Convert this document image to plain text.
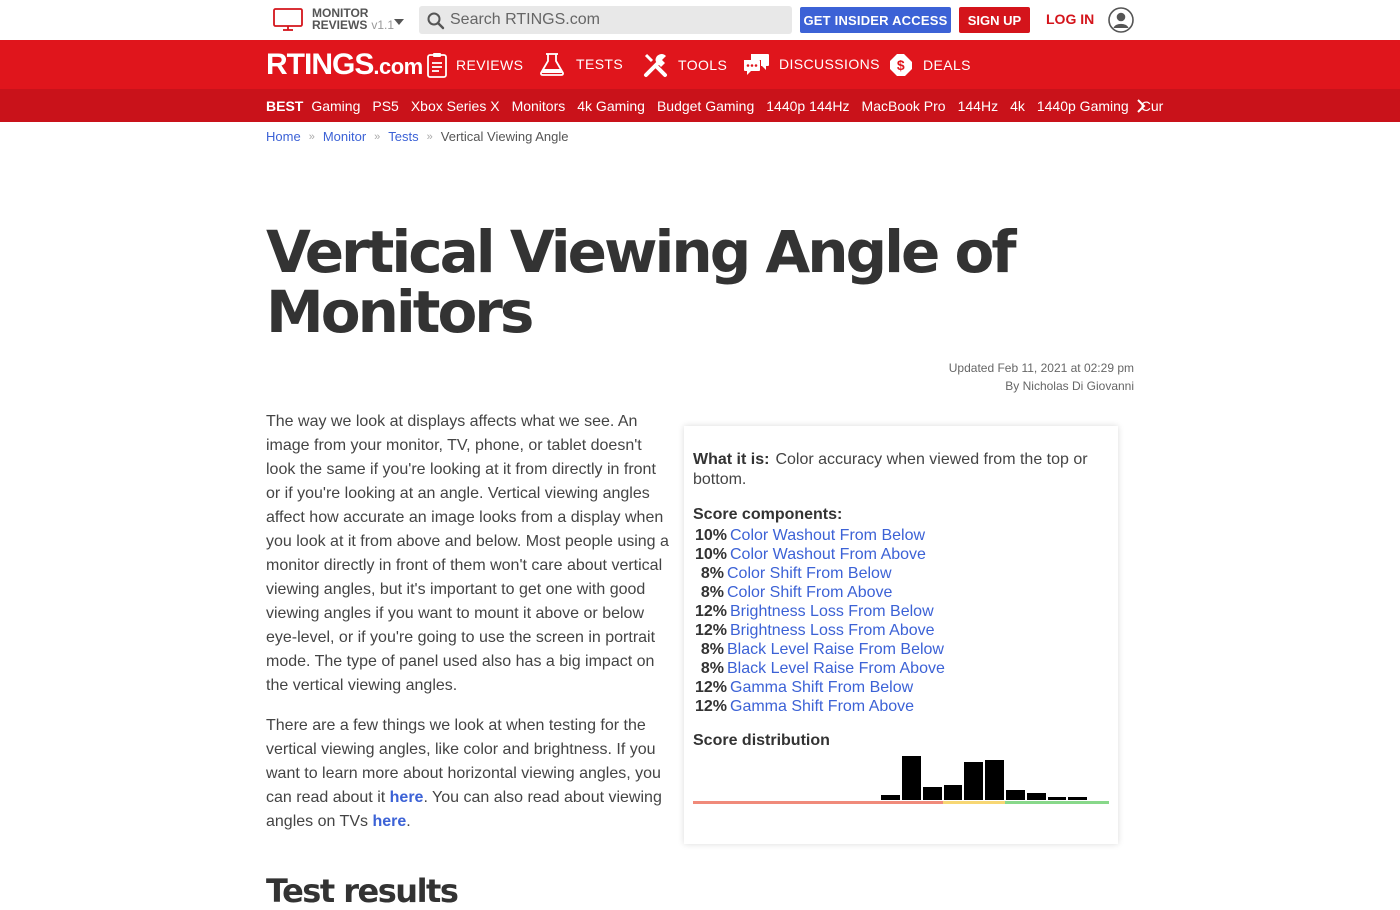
MONITOR
REVIEWS v1.1
Search RTINGS.com	GET INSIDER ACCESS	SIGN UP	LOG IN
RTINGS.com REVIEWS	TESTS	TOOLS	DISCUSSIONS $ DEALS
BEST Gaming PS5 Xbox Series X Monitors 4k Gaming Budget Gaming 1440p 144Hz MacBook Pro 144Hz 4k 1440p Gaming Cur
Home » Monitor » Tests » Vertical Viewing Angle
Vertical Viewing Angle of Monitors
Updated Feb 11, 2021 at 02:29 pm
By Nicholas Di Giovanni

The way we look at displays affects what we see. An image from your monitor, TV, phone, or tablet doesn't look the same if you're looking at it from directly in front or if you're looking at an angle. Vertical viewing angles affect how accurate an image looks from a display when you look at it from above and below. Most people using a monitor directly in front of them won't care about vertical viewing angles, but it's important to get one with good viewing angles if you want to mount it above or below eye-level, or if you're going to use the screen in portrait mode. The type of panel used also has a big impact on the vertical viewing angles.

There are a few things we look at when testing for the vertical viewing angles, like color and brightness. If you want to learn more about horizontal viewing angles, you can read about it here. You can also read about viewing angles on TVs here.

What it is: Color accuracy when viewed from the top or bottom.
Score components:
10% Color Washout From Below
10% Color Washout From Above
8% Color Shift From Below
8% Color Shift From Above
12% Brightness Loss From Below
12% Brightness Loss From Above
8% Black Level Raise From Below
8% Black Level Raise From Above
12% Gamma Shift From Below
12% Gamma Shift From Above
Score distribution
Test results
